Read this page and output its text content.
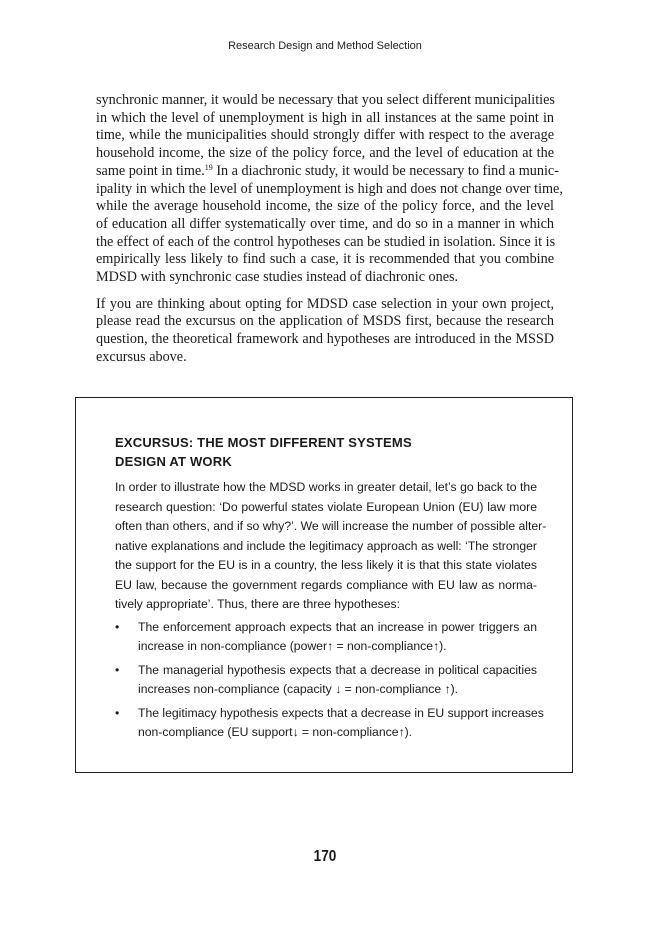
Research Design and Method Selection

synchronic manner, it would be necessary that you select different municipalities
in which the level of unemployment is high in all instances at the same point in
time, while the municipalities should strongly differ with respect to the average
household income, the size of the policy force, and the level of education at the
same point in time.$^{19}$ In a diachronic study, it would be necessary to find a munic-
ipality in which the level of unemployment is high and does not change over time,
while the average household income, the size of the policy force, and the level
of education all differ systematically over time, and do so in a manner in which
the effect of each of the control hypotheses can be studied in isolation. Since it is
empirically less likely to find such a case, it is recommended that you combine
MDSD with synchronic case studies instead of diachronic ones.

If you are thinking about opting for MDSD case selection in your own project,
please read the excursus on the application of MSDS first, because the research
question, the theoretical framework and hypotheses are introduced in the MSSD
excursus above.

EXCURSUS: THE MOST DIFFERENT SYSTEMS
DESIGN AT WORK
In order to illustrate how the MDSD works in greater detail, let’s go back to the
research question: ‘Do powerful states violate European Union (EU) law more
often than others, and if so why?’. We will increase the number of possible alter-
native explanations and include the legitimacy approach as well: ‘The stronger
the support for the EU is in a country, the less likely it is that this state violates
EU law, because the government regards compliance with EU law as norma-
tively appropriate’. Thus, there are three hypotheses:
• The enforcement approach expects that an increase in power triggers an
increase in non-compliance (power↑ = non-compliance↑).
• The managerial hypothesis expects that a decrease in political capacities
increases non-compliance (capacity ↓ = non-compliance ↑).
• The legitimacy hypothesis expects that a decrease in EU support increases
non-compliance (EU support↓ = non-compliance↑).
170
